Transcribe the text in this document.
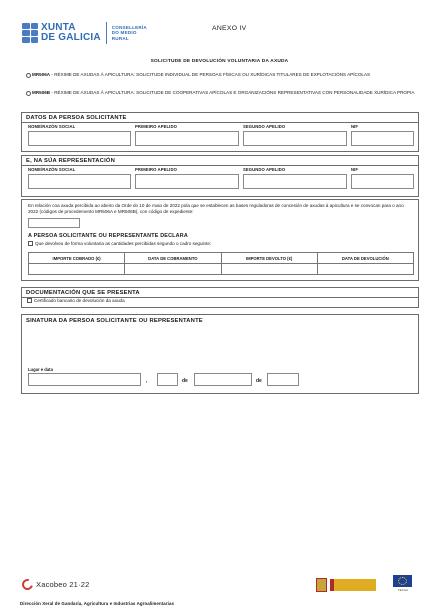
XUNTA
DE GALICIA
CONSELLERÍA
DO MEDIO
RURAL
ANEXO IV
SOLICITUDE DE DEVOLUCIÓN VOLUNTARIA DA AXUDA
MR506A - RÉXIME DE AXUDAS Á APICULTURA: SOLICITUDE INDIVIDUAL DE PERSOAS FÍSICAS OU XURÍDICAS TITULARES DE EXPLOTACIÓNS APÍCOLAS
MR506B - RÉXIME DE AXUDAS Á APICULTURA: SOLICITUDE DE COOPERATIVAS APÍCOLAS E ORGANIZACIÓNS REPRESENTATIVAS CON PERSONALIDADE XURÍDICA PROPIA
DATOS DA PERSOA SOLICITANTE
NOME/RAZÓN SOCIAL	PRIMEIRO APELIDO	SEGUNDO APELIDO	NIF
E, NA SÚA REPRESENTACIÓN
NOME/RAZÓN SOCIAL	PRIMEIRO APELIDO	SEGUNDO APELIDO	NIF
En relación coa axuda percibida ao abeiro da Orde do 10 de maio de 2022 pola que se establecen as bases reguladoras de concesión de axudas á apicultura e se convocan para o ano 2022 (códigos de procedemento MR506A e MR506B), con código de expediente:
A PERSOA SOLICITANTE OU REPRESENTANTE DECLARA
Que devolveu de forma voluntaria as cantidades percibidas segundo o cadro seguinte:
IMPORTE COBRADO (€)	DATA DE COBRAMENTO	IMPORTE DEVOLTO (€)	DATA DE DEVOLUCIÓN
DOCUMENTACIÓN QUE SE PRESENTA
Certificado bancario de devolución da axuda
SINATURA DA PERSOA SOLICITANTE OU REPRESENTANTE
Lugar e data
,	de	de
Xacobeo 21·22
FEAGA
Dirección Xeral de Gandaría, Agricultura e Industrias Agroalimentarias
